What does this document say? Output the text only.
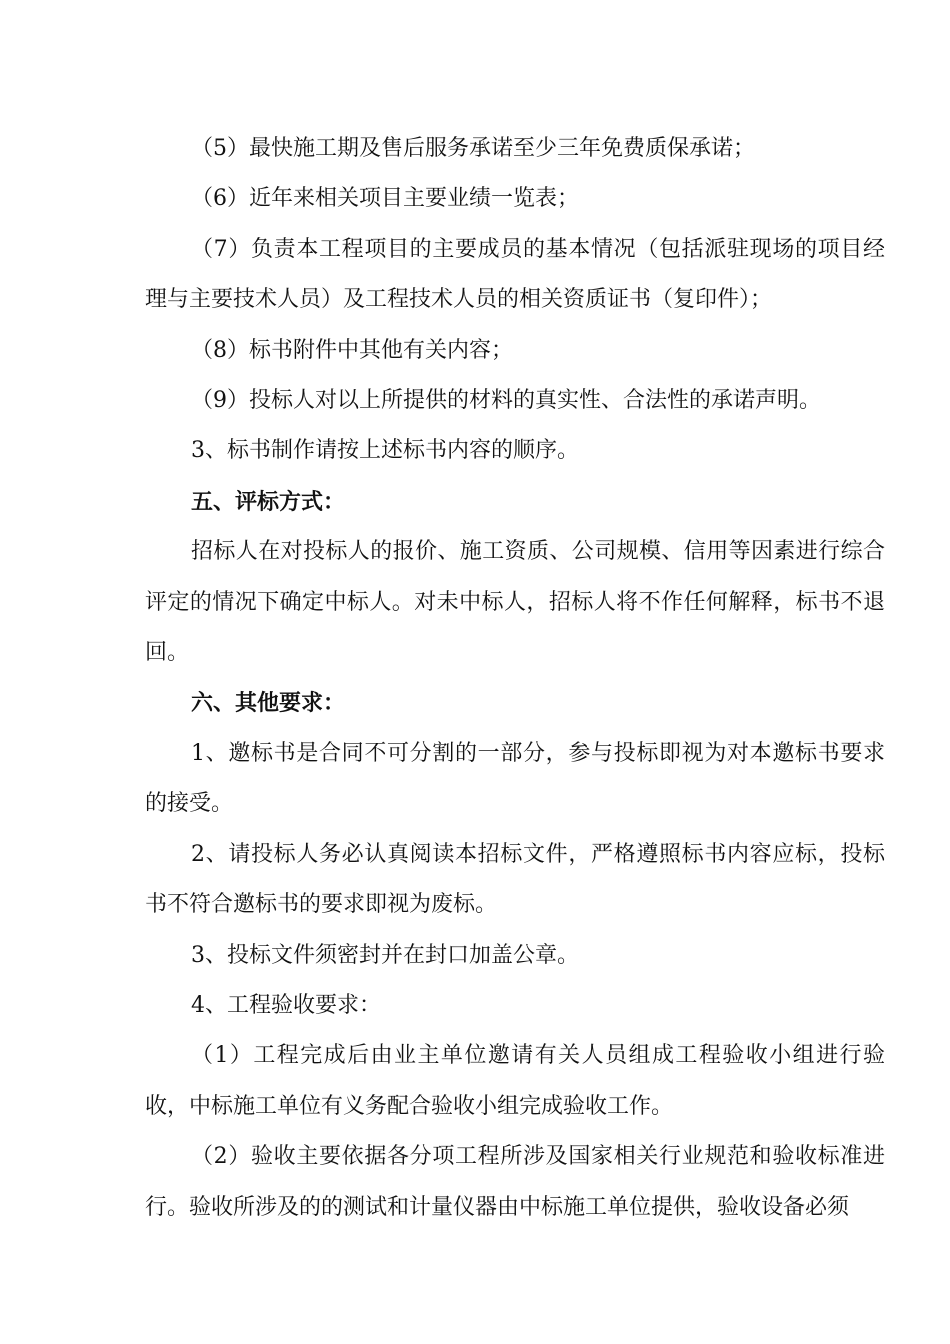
（5）最快施工期及售后服务承诺至少三年免费质保承诺；

（6）近年来相关项目主要业绩一览表；

（7）负责本工程项目的主要成员的基本情况（包括派驻现场的项目经理与主要技术人员）及工程技术人员的相关资质证书（复印件）；

（8）标书附件中其他有关内容；

（9）投标人对以上所提供的材料的真实性、合法性的承诺声明。

3、标书制作请按上述标书内容的顺序。

五、评标方式：

招标人在对投标人的报价、施工资质、公司规模、信用等因素进行综合评定的情况下确定中标人。对未中标人，招标人将不作任何解释，标书不退回。

六、其他要求：

1、邀标书是合同不可分割的一部分，参与投标即视为对本邀标书要求的接受。

2、请投标人务必认真阅读本招标文件，严格遵照标书内容应标，投标书不符合邀标书的要求即视为废标。

3、投标文件须密封并在封口加盖公章。

4、工程验收要求：

（1）工程完成后由业主单位邀请有关人员组成工程验收小组进行验收，中标施工单位有义务配合验收小组完成验收工作。

（2）验收主要依据各分项工程所涉及国家相关行业规范和验收标准进行。验收所涉及的的测试和计量仪器由中标施工单位提供，验收设备必须
